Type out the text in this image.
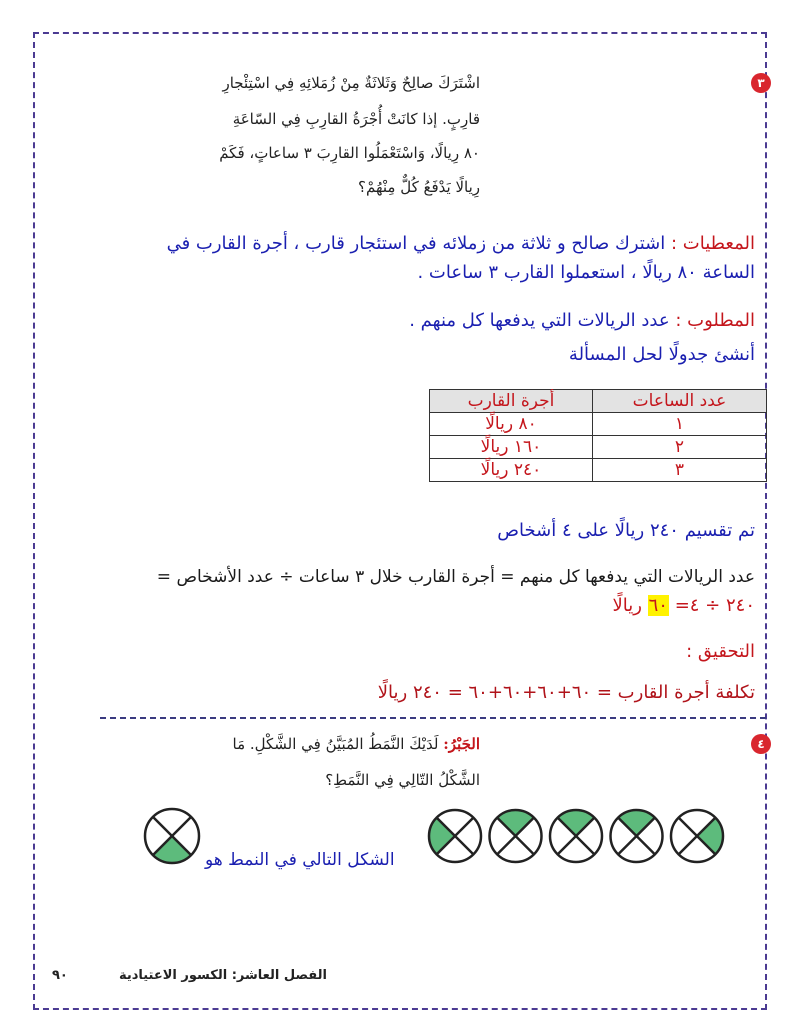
٣
اشْتَرَكَ صالِحٌ وَثَلاثَةٌ مِنْ زُمَلائِهِ فِي اسْتِئْجارِ
قارِبٍ. إذا كانَتْ أُجْرَةُ القارِبِ فِي السّاعَةِ
٨٠ رِيالًا، وَاسْتَعْمَلُوا القارِبَ ٣ ساعاتٍ، فَكَمْ
رِيالًا يَدْفَعُ كُلٌّ مِنْهُمْ؟
المعطيات : اشترك صالح و ثلاثة من زملائه في استئجار قارب ، أجرة القارب في
الساعة ٨٠ ريالًا ، استعملوا القارب ٣ ساعات .
المطلوب : عدد الريالات التي يدفعها كل منهم .
أنشئ جدولًا لحل المسألة
عدد الساعات	أجرة القارب
١	٨٠ ريالًا
٢	١٦٠ ريالًا
٣	٢٤٠ ريالًا
تم تقسيم ٢٤٠ ريالًا على ٤ أشخاص
عدد الريالات التي يدفعها كل منهم = أجرة القارب خلال ٣ ساعات ÷ عدد الأشخاص =
٢٤٠ ÷ ٤= ٦٠ ريالًا
التحقيق :
تكلفة أجرة القارب = ٦٠+٦٠+٦٠+٦٠ = ٢٤٠ ريالًا
٤
الجَبْرُ: لَدَيْكَ النَّمَطُ المُبَيَّنُ فِي الشَّكْلِ. مَا
الشَّكْلُ التّالِي فِي النَّمَطِ؟
الشكل التالي في النمط هو
الفصل العاشر: الكسور الاعتيادية  ٩٠
